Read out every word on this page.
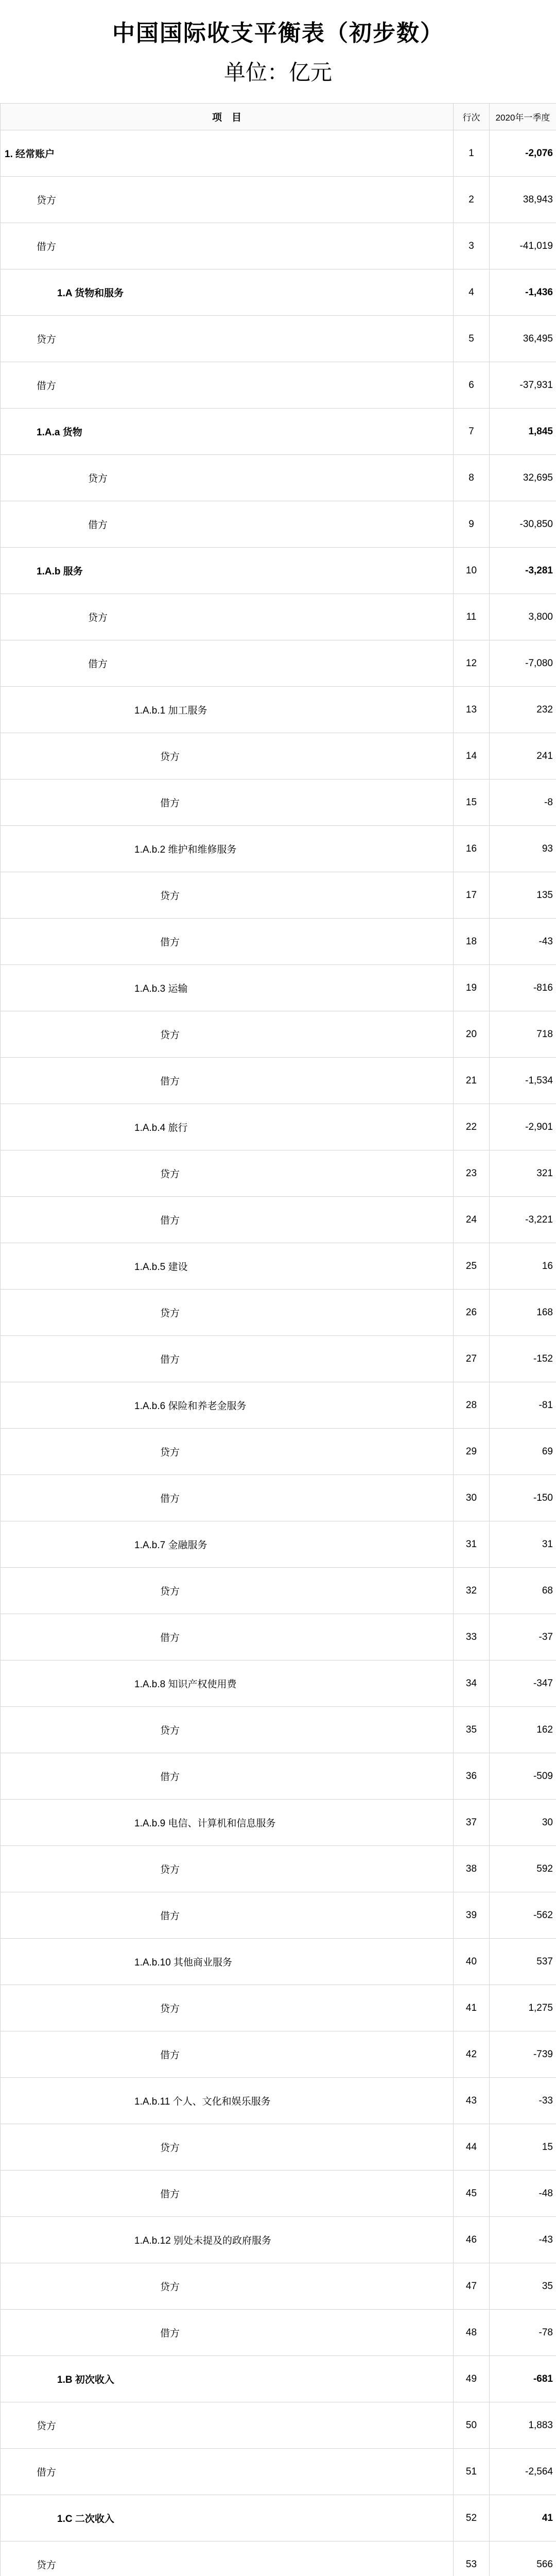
中国国际收支平衡表（初步数）
单位：亿元
项　目	行次	2020年一季度
1. 经常账户	1	-2,076
贷方	2	38,943
借方	3	-41,019
1.A 货物和服务	4	-1,436
贷方	5	36,495
借方	6	-37,931
1.A.a 货物	7	1,845
贷方	8	32,695
借方	9	-30,850
1.A.b 服务	10	-3,281
贷方	11	3,800
借方	12	-7,080
1.A.b.1 加工服务	13	232
贷方	14	241
借方	15	-8
1.A.b.2 维护和维修服务	16	93
贷方	17	135
借方	18	-43
1.A.b.3 运输	19	-816
贷方	20	718
借方	21	-1,534
1.A.b.4 旅行	22	-2,901
贷方	23	321
借方	24	-3,221
1.A.b.5 建设	25	16
贷方	26	168
借方	27	-152
1.A.b.6 保险和养老金服务	28	-81
贷方	29	69
借方	30	-150
1.A.b.7 金融服务	31	31
贷方	32	68
借方	33	-37
1.A.b.8 知识产权使用费	34	-347
贷方	35	162
借方	36	-509
1.A.b.9 电信、计算机和信息服务	37	30
贷方	38	592
借方	39	-562
1.A.b.10 其他商业服务	40	537
贷方	41	1,275
借方	42	-739
1.A.b.11 个人、文化和娱乐服务	43	-33
贷方	44	15
借方	45	-48
1.A.b.12 别处未提及的政府服务	46	-43
贷方	47	35
借方	48	-78
1.B 初次收入	49	-681
贷方	50	1,883
借方	51	-2,564
1.C 二次收入	52	41
贷方	53	566
